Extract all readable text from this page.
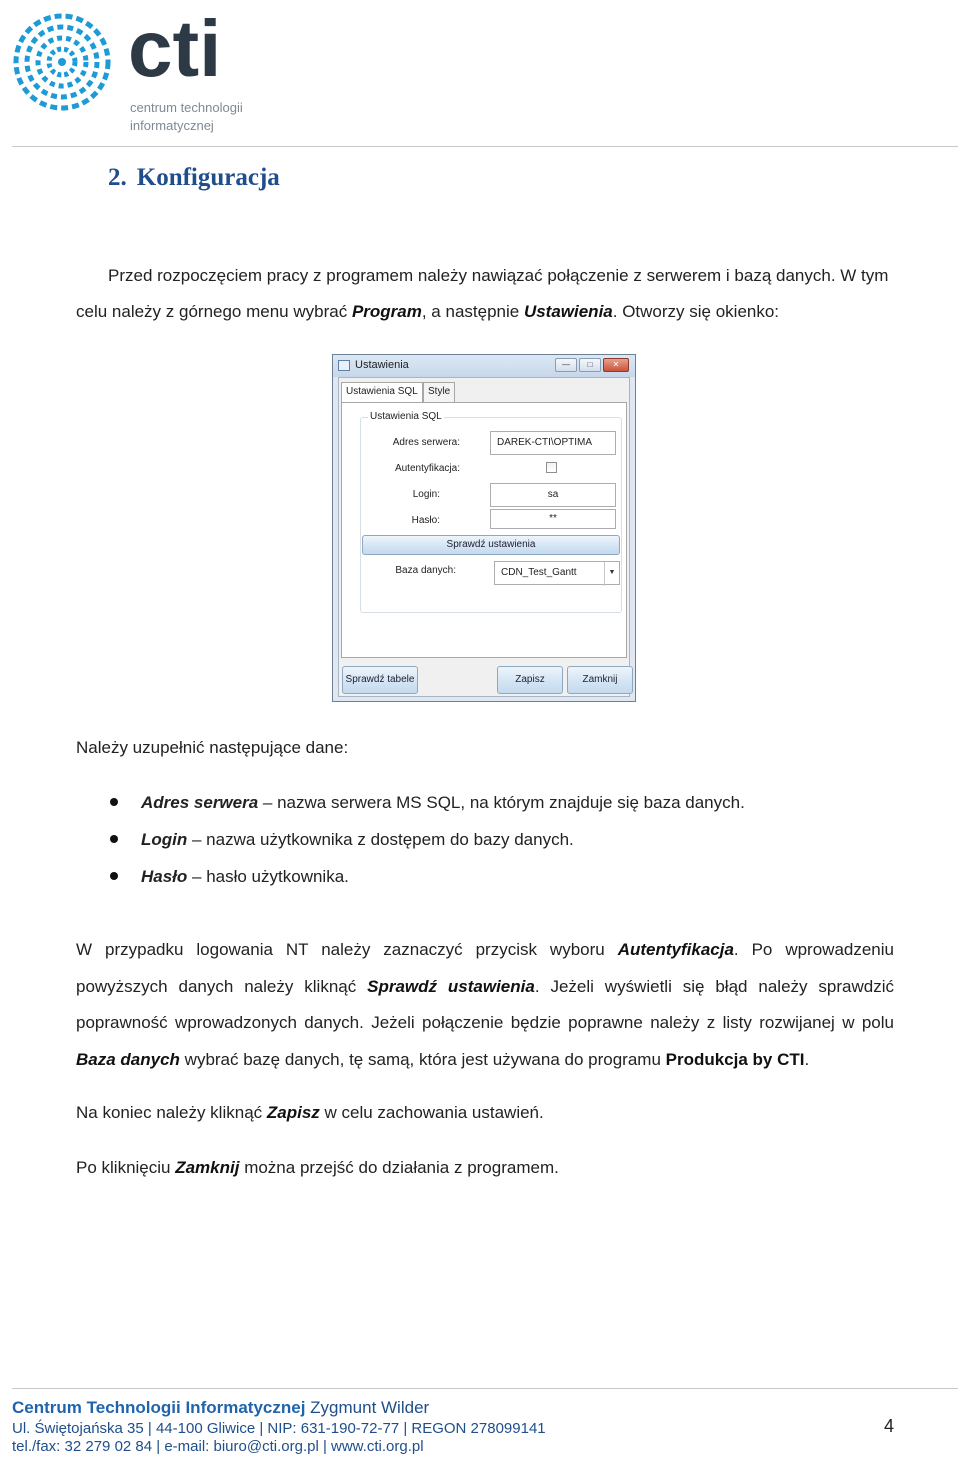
cti
centrum technologii
informatycznej
2. Konfiguracja
Przed rozpoczęciem pracy z programem należy nawiązać połączenie z serwerem i bazą danych. W tym celu należy z górnego menu wybrać Program, a następnie Ustawienia. Otworzy się okienko:
Ustawienia	—	□	✕
Ustawienia SQL	Style
Ustawienia SQL
Adres serwera:	DAREK-CTI\OPTIMA
Autentyfikacja:
Login:	sa
Hasło:	**
Sprawdź ustawienia
Baza danych:	CDN_Test_Gantt	▼
Sprawdź tabele	Zapisz	Zamknij
Należy uzupełnić następujące dane:
Adres serwera – nazwa serwera MS SQL, na którym znajduje się baza danych.
Login – nazwa użytkownika z dostępem do bazy danych.
Hasło – hasło użytkownika.
W przypadku logowania NT należy zaznaczyć przycisk wyboru Autentyfikacja. Po wprowadzeniu powyższych danych należy kliknąć Sprawdź ustawienia. Jeżeli wyświetli się błąd należy sprawdzić poprawność wprowadzonych danych. Jeżeli połączenie będzie poprawne należy z listy rozwijanej w polu Baza danych wybrać bazę danych, tę samą, która jest używana do programu Produkcja by CTI.
Na koniec należy kliknąć Zapisz w celu zachowania ustawień.
Po kliknięciu Zamknij można przejść do działania z programem.
Centrum Technologii Informatycznej Zygmunt Wilder
Ul. Świętojańska 35 | 44-100 Gliwice | NIP: 631-190-72-77 | REGON 278099141
tel./fax: 32 279 02 84 | e-mail: biuro@cti.org.pl | www.cti.org.pl
4
